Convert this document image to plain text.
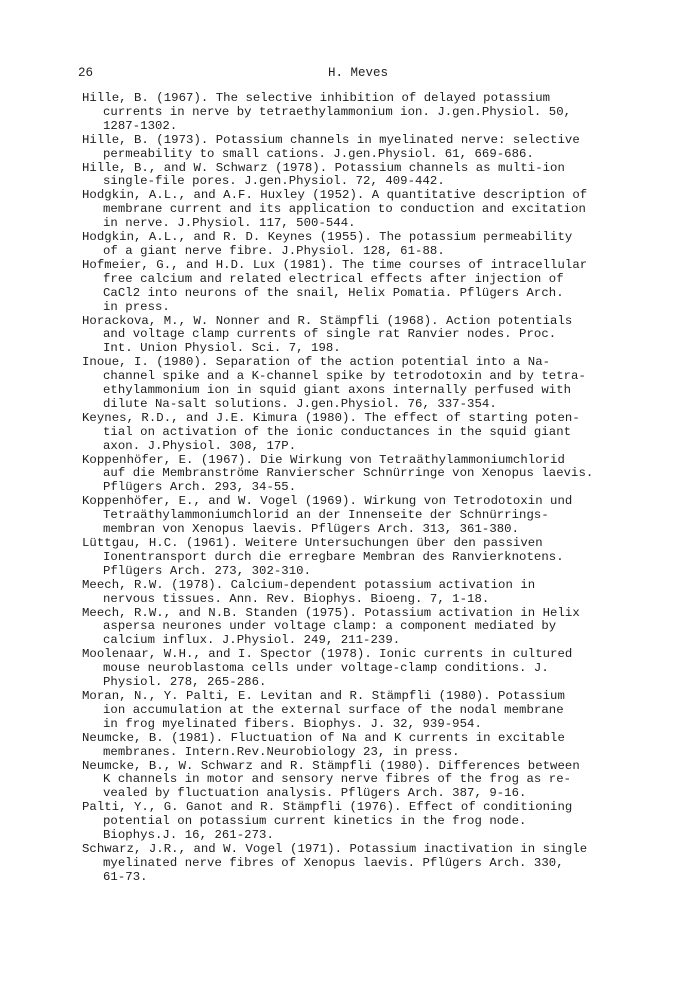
26	H. Meves
Hille, B. (1967). The selective inhibition of delayed potassium
currents in nerve by tetraethylammonium ion. J.gen.Physiol. 50,
1287-1302.
Hille, B. (1973). Potassium channels in myelinated nerve: selective
permeability to small cations. J.gen.Physiol. 61, 669-686.
Hille, B., and W. Schwarz (1978). Potassium channels as multi-ion
single-file pores. J.gen.Physiol. 72, 409-442.
Hodgkin, A.L., and A.F. Huxley (1952). A quantitative description of
membrane current and its application to conduction and excitation
in nerve. J.Physiol. 117, 500-544.
Hodgkin, A.L., and R. D. Keynes (1955). The potassium permeability
of a giant nerve fibre. J.Physiol. 128, 61-88.
Hofmeier, G., and H.D. Lux (1981). The time courses of intracellular
free calcium and related electrical effects after injection of
CaCl2 into neurons of the snail, Helix Pomatia. Pflügers Arch.
in press.
Horackova, M., W. Nonner and R. Stämpfli (1968). Action potentials
and voltage clamp currents of single rat Ranvier nodes. Proc.
Int. Union Physiol. Sci. 7, 198.
Inoue, I. (1980). Separation of the action potential into a Na-
channel spike and a K-channel spike by tetrodotoxin and by tetra-
ethylammonium ion in squid giant axons internally perfused with
dilute Na-salt solutions. J.gen.Physiol. 76, 337-354.
Keynes, R.D., and J.E. Kimura (1980). The effect of starting poten-
tial on activation of the ionic conductances in the squid giant
axon. J.Physiol. 308, 17P.
Koppenhöfer, E. (1967). Die Wirkung von Tetraäthylammoniumchlorid
auf die Membranströme Ranvierscher Schnürringe von Xenopus laevis.
Pflügers Arch. 293, 34-55.
Koppenhöfer, E., and W. Vogel (1969). Wirkung von Tetrodotoxin und
Tetraäthylammoniumchlorid an der Innenseite der Schnürrings-
membran von Xenopus laevis. Pflügers Arch. 313, 361-380.
Lüttgau, H.C. (1961). Weitere Untersuchungen über den passiven
Ionentransport durch die erregbare Membran des Ranvierknotens.
Pflügers Arch. 273, 302-310.
Meech, R.W. (1978). Calcium-dependent potassium activation in
nervous tissues. Ann. Rev. Biophys. Bioeng. 7, 1-18.
Meech, R.W., and N.B. Standen (1975). Potassium activation in Helix
aspersa neurones under voltage clamp: a component mediated by
calcium influx. J.Physiol. 249, 211-239.
Moolenaar, W.H., and I. Spector (1978). Ionic currents in cultured
mouse neuroblastoma cells under voltage-clamp conditions. J.
Physiol. 278, 265-286.
Moran, N., Y. Palti, E. Levitan and R. Stämpfli (1980). Potassium
ion accumulation at the external surface of the nodal membrane
in frog myelinated fibers. Biophys. J. 32, 939-954.
Neumcke, B. (1981). Fluctuation of Na and K currents in excitable
membranes. Intern.Rev.Neurobiology 23, in press.
Neumcke, B., W. Schwarz and R. Stämpfli (1980). Differences between
K channels in motor and sensory nerve fibres of the frog as re-
vealed by fluctuation analysis. Pflügers Arch. 387, 9-16.
Palti, Y., G. Ganot and R. Stämpfli (1976). Effect of conditioning
potential on potassium current kinetics in the frog node.
Biophys.J. 16, 261-273.
Schwarz, J.R., and W. Vogel (1971). Potassium inactivation in single
myelinated nerve fibres of Xenopus laevis. Pflügers Arch. 330,
61-73.
